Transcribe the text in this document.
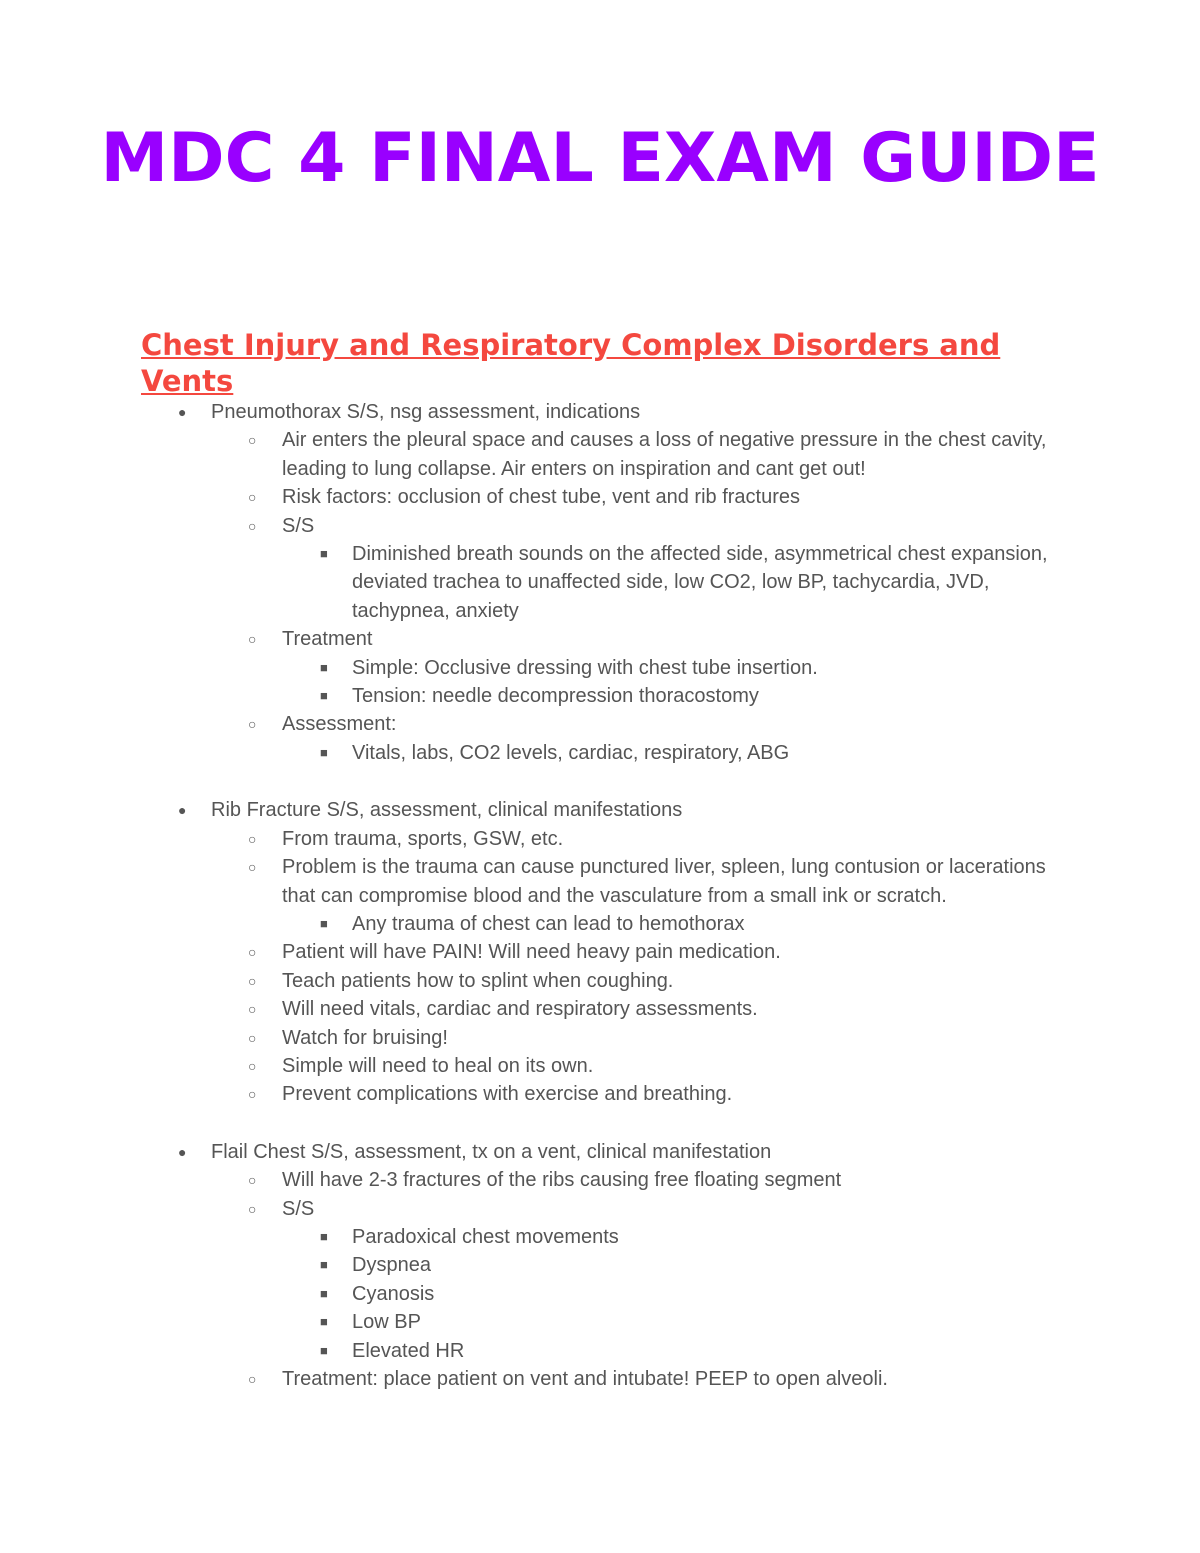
MDC 4 FINAL EXAM GUIDE
Chest Injury and Respiratory Complex Disorders and Vents
● Pneumothorax S/S, nsg assessment, indications
○ Air enters the pleural space and causes a loss of negative pressure in the chest cavity, leading to lung collapse. Air enters on inspiration and cant get out!
○ Risk factors: occlusion of chest tube, vent and rib fractures
○ S/S
■ Diminished breath sounds on the affected side, asymmetrical chest expansion, deviated trachea to unaffected side, low CO2, low BP, tachycardia, JVD, tachypnea, anxiety
○ Treatment
■ Simple: Occlusive dressing with chest tube insertion.
■ Tension: needle decompression thoracostomy
○ Assessment:
■ Vitals, labs, CO2 levels, cardiac, respiratory, ABG
● Rib Fracture S/S, assessment, clinical manifestations
○ From trauma, sports, GSW, etc.
○ Problem is the trauma can cause punctured liver, spleen, lung contusion or lacerations that can compromise blood and the vasculature from a small ink or scratch.
■ Any trauma of chest can lead to hemothorax
○ Patient will have PAIN! Will need heavy pain medication.
○ Teach patients how to splint when coughing.
○ Will need vitals, cardiac and respiratory assessments.
○ Watch for bruising!
○ Simple will need to heal on its own.
○ Prevent complications with exercise and breathing.
● Flail Chest S/S, assessment, tx on a vent, clinical manifestation
○ Will have 2-3 fractures of the ribs causing free floating segment
○ S/S
■ Paradoxical chest movements
■ Dyspnea
■ Cyanosis
■ Low BP
■ Elevated HR
○ Treatment: place patient on vent and intubate! PEEP to open alveoli.
